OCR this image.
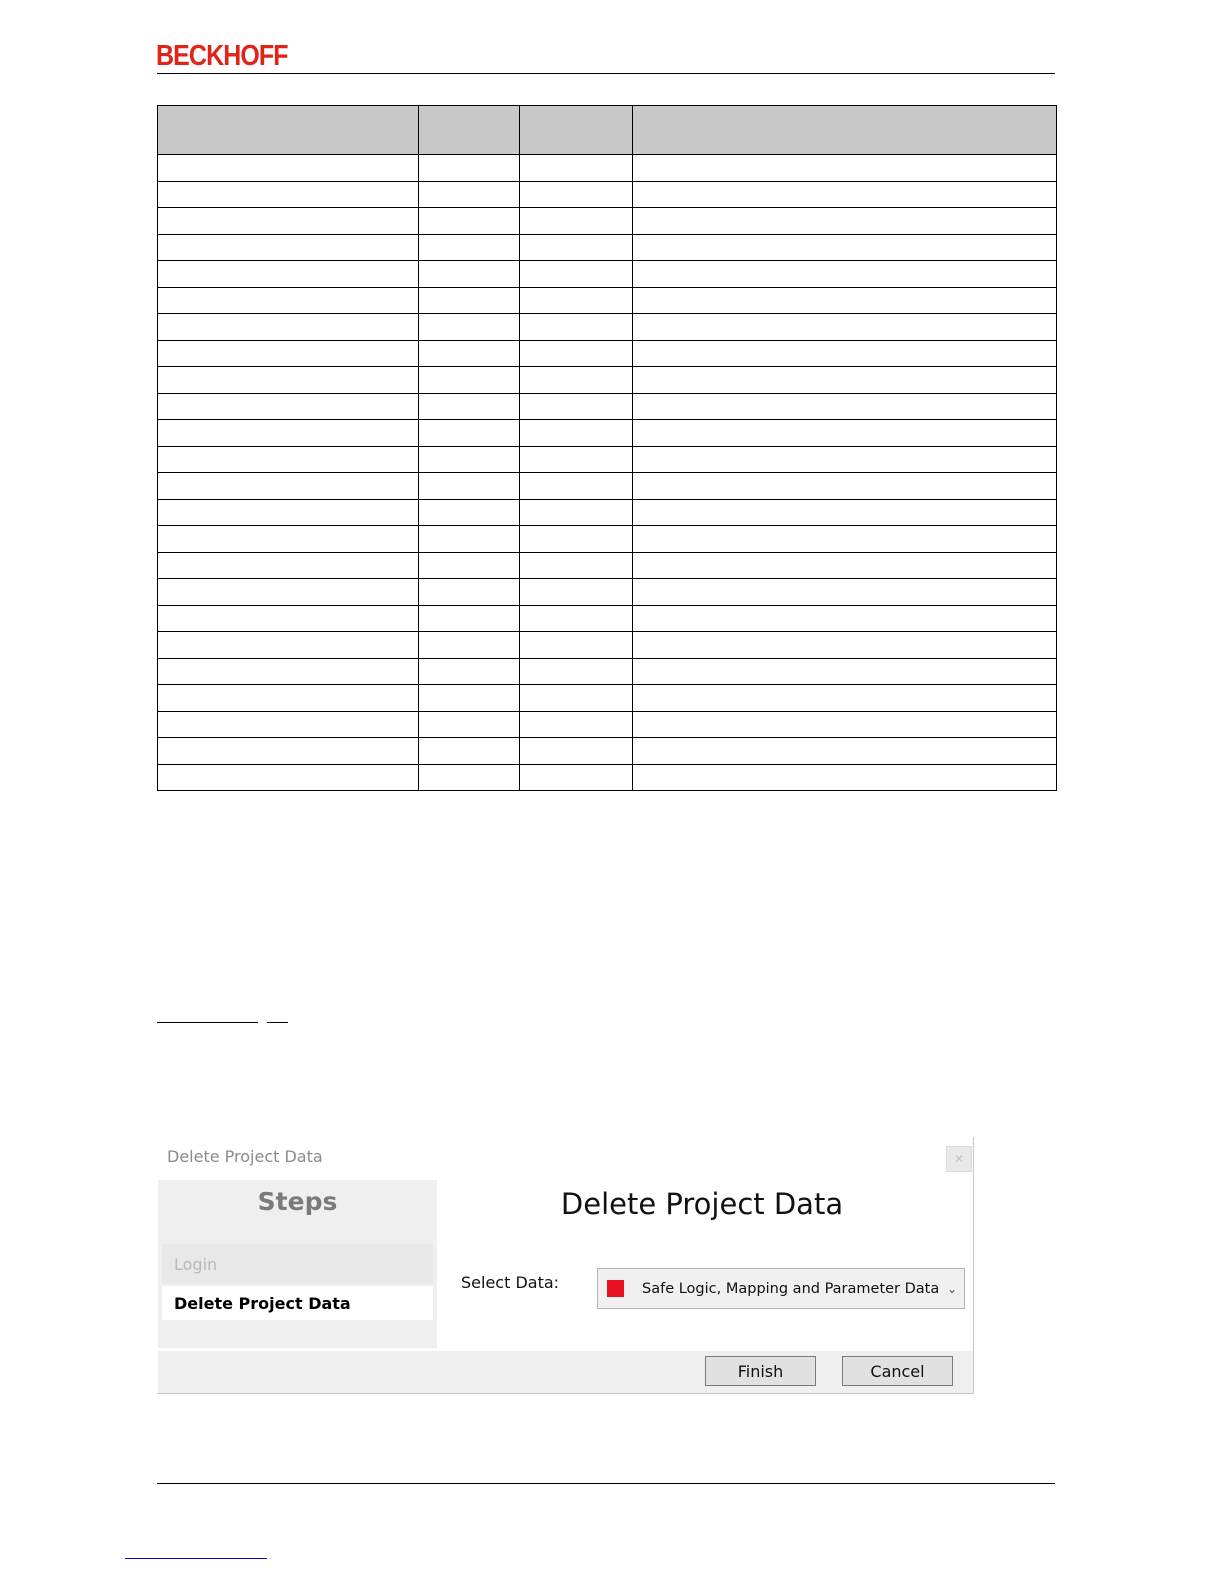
BECKHOFF

Delete Project Data	✕
Steps
Login
Delete Project Data
Delete Project Data
Select Data:	Safe Logic, Mapping and Parameter Data ⌄
Finish	Cancel
